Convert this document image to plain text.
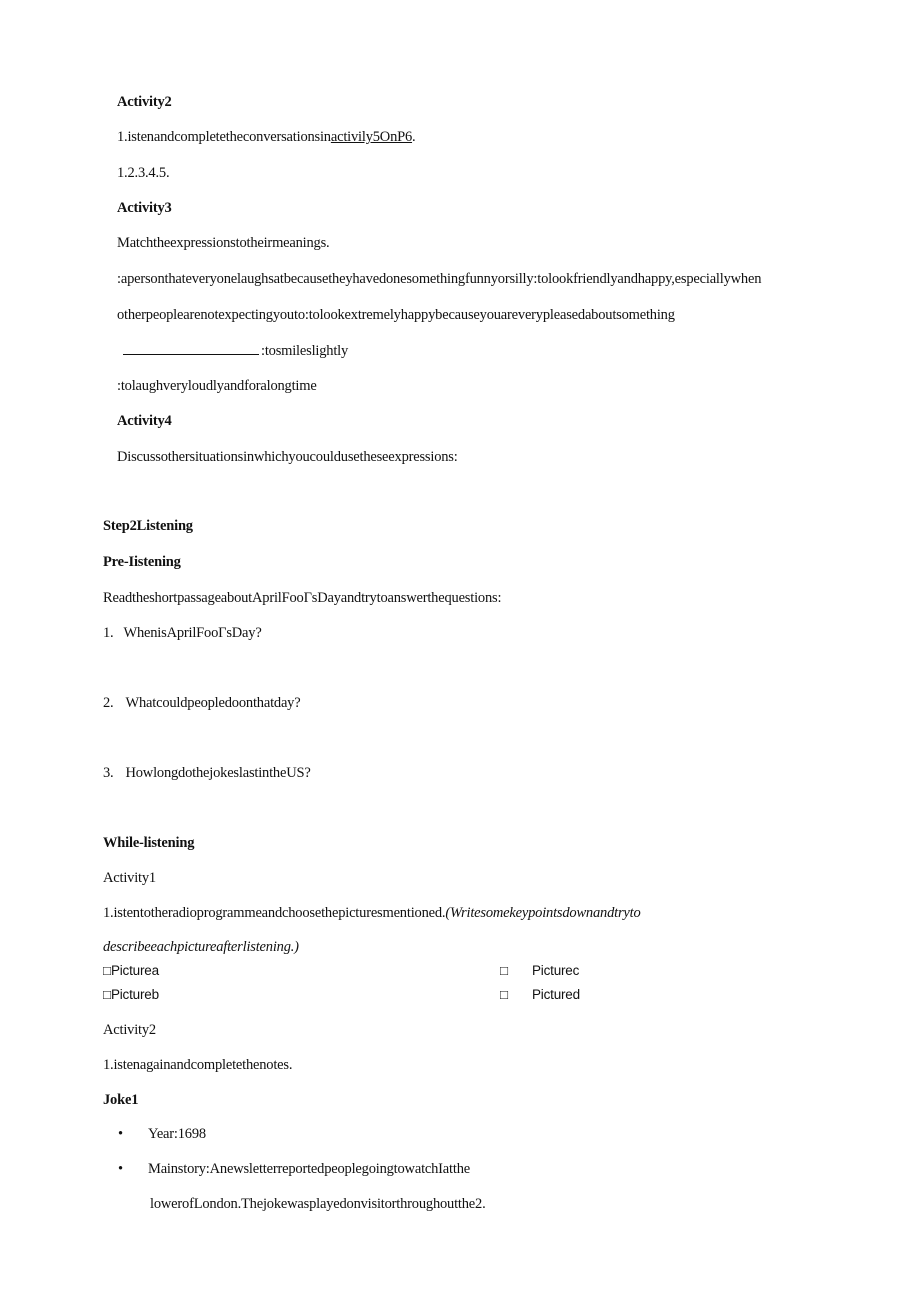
Activity2
1.istenandcompletetheconversationsinactivily5OnP6.
1.2.3.4.5.
Activity3
Matchtheexpressionstotheirmeanings.
:apersonthateveryonelaughsatbecausetheyhavedonesomethingfunnyorsilly:tolookfriendlyandhappy,especiallywhen
otherpeoplearenotexpectingyouto:tolookextremelyhappybecauseyouareverypleasedaboutsomething
:tosmileslightly
:tolaughveryloudlyandforalongtime
Activity4
Discussothersituationsinwhichyoucouldusetheseexpressions:
Step2Listening
Pre-Iistening
ReadtheshortpassageaboutAprilFooΓsDayandtrytoanswerthequestions:
1. WhenisAprilFooΓsDay?
2. Whatcouldpeopledoonthatday?
3. HowlongdothejokeslastintheUS?
While-listening
Activity1
1.istentotheradioprogrammeandchoosethepicturesmentioned.(Writesomekeypointsdownandtryto
describeeachpictureafterlistening.)
□Picturea
□Pictureb
□ Picturec
□ Pictured
Activity2
1.istenagainandcompletethenotes.
Joke1
• Year:1698
• Mainstory:AnewsletterreportedpeoplegoingtowatchIatthe
lowerofLondon.Thejokewasplayedonvisitorthroughoutthe2.
